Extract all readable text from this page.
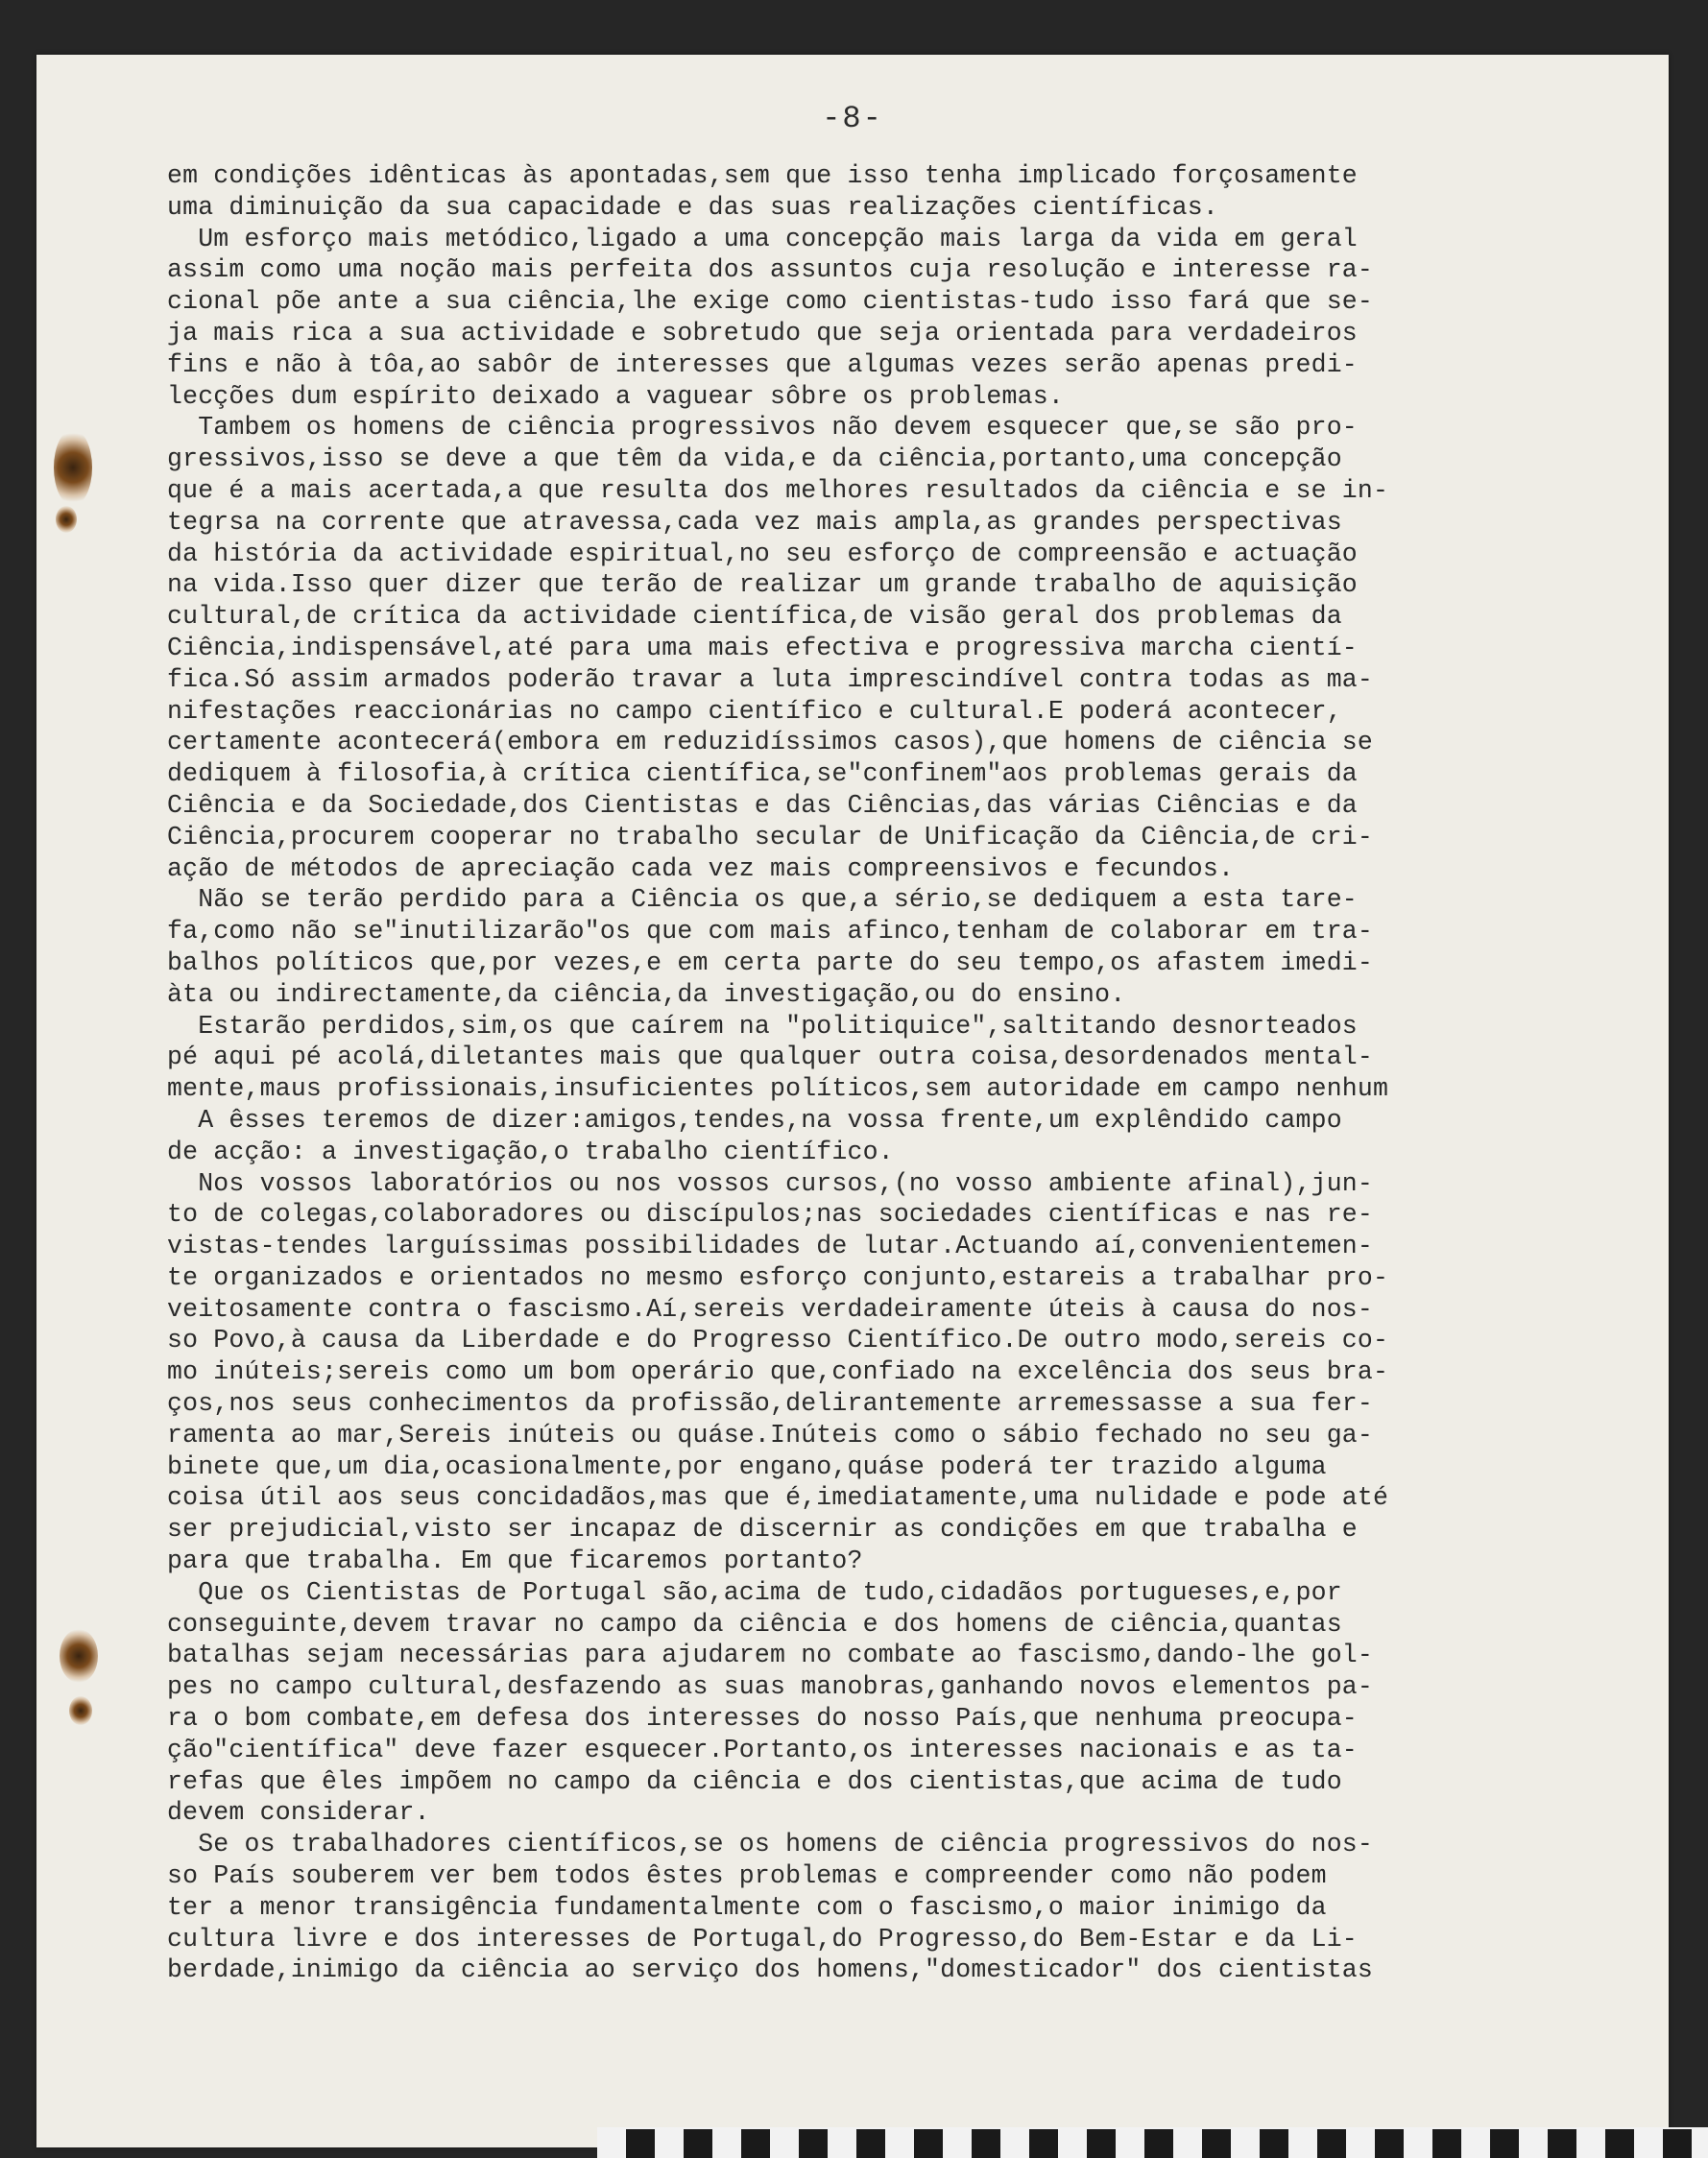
-8-
em condições idênticas às apontadas,sem que isso tenha implicado forçosamente
uma diminuição da sua capacidade e das suas realizações científicas.
Um esforço mais metódico,ligado a uma concepção mais larga da vida em geral
assim como uma noção mais perfeita dos assuntos cuja resolução e interesse ra-
cional põe ante a sua ciência,lhe exige como cientistas-tudo isso fará que se-
ja mais rica a sua actividade e sobretudo que seja orientada para verdadeiros
fins e não à tôa,ao sabôr de interesses que algumas vezes serão apenas predi-
lecções dum espírito deixado a vaguear sôbre os problemas.
Tambem os homens de ciência progressivos não devem esquecer que,se são pro-
gressivos,isso se deve a que têm da vida,e da ciência,portanto,uma concepção
que é a mais acertada,a que resulta dos melhores resultados da ciência e se in-
tegrsa na corrente que atravessa,cada vez mais ampla,as grandes perspectivas
da história da actividade espiritual,no seu esforço de compreensão e actuação
na vida.Isso quer dizer que terão de realizar um grande trabalho de aquisição
cultural,de crítica da actividade científica,de visão geral dos problemas da
Ciência,indispensável,até para uma mais efectiva e progressiva marcha cientí-
fica.Só assim armados poderão travar a luta imprescindível contra todas as ma-
nifestações reaccionárias no campo científico e cultural.E poderá acontecer,
certamente acontecerá(embora em reduzidíssimos casos),que homens de ciência se
dediquem à filosofia,à crítica científica,se"confinem"aos problemas gerais da
Ciência e da Sociedade,dos Cientistas e das Ciências,das várias Ciências e da
Ciência,procurem cooperar no trabalho secular de Unificação da Ciência,de cri-
ação de métodos de apreciação cada vez mais compreensivos e fecundos.
Não se terão perdido para a Ciência os que,a sério,se dediquem a esta tare-
fa,como não se"inutilizarão"os que com mais afinco,tenham de colaborar em tra-
balhos políticos que,por vezes,e em certa parte do seu tempo,os afastem imedi-
àta ou indirectamente,da ciência,da investigação,ou do ensino.
Estarão perdidos,sim,os que caírem na "politiquice",saltitando desnorteados
pé aqui pé acolá,diletantes mais que qualquer outra coisa,desordenados mental-
mente,maus profissionais,insuficientes políticos,sem autoridade em campo nenhum
A êsses teremos de dizer:amigos,tendes,na vossa frente,um explêndido campo
de acção: a investigação,o trabalho científico.
Nos vossos laboratórios ou nos vossos cursos,(no vosso ambiente afinal),jun-
to de colegas,colaboradores ou discípulos;nas sociedades científicas e nas re-
vistas-tendes larguíssimas possibilidades de lutar.Actuando aí,convenientemen-
te organizados e orientados no mesmo esforço conjunto,estareis a trabalhar pro-
veitosamente contra o fascismo.Aí,sereis verdadeiramente úteis à causa do nos-
so Povo,à causa da Liberdade e do Progresso Científico.De outro modo,sereis co-
mo inúteis;sereis como um bom operário que,confiado na excelência dos seus bra-
ços,nos seus conhecimentos da profissão,delirantemente arremessasse a sua fer-
ramenta ao mar,Sereis inúteis ou quáse.Inúteis como o sábio fechado no seu ga-
binete que,um dia,ocasionalmente,por engano,quáse poderá ter trazido alguma
coisa útil aos seus concidadãos,mas que é,imediatamente,uma nulidade e pode até
ser prejudicial,visto ser incapaz de discernir as condições em que trabalha e
para que trabalha. Em que ficaremos portanto?
Que os Cientistas de Portugal são,acima de tudo,cidadãos portugueses,e,por
conseguinte,devem travar no campo da ciência e dos homens de ciência,quantas
batalhas sejam necessárias para ajudarem no combate ao fascismo,dando-lhe gol-
pes no campo cultural,desfazendo as suas manobras,ganhando novos elementos pa-
ra o bom combate,em defesa dos interesses do nosso País,que nenhuma preocupa-
ção"científica" deve fazer esquecer.Portanto,os interesses nacionais e as ta-
refas que êles impõem no campo da ciência e dos cientistas,que acima de tudo
devem considerar.
Se os trabalhadores científicos,se os homens de ciência progressivos do nos-
so País souberem ver bem todos êstes problemas e compreender como não podem
ter a menor transigência fundamentalmente com o fascismo,o maior inimigo da
cultura livre e dos interesses de Portugal,do Progresso,do Bem-Estar e da Li-
berdade,inimigo da ciência ao serviço dos homens,"domesticador" dos cientistas
